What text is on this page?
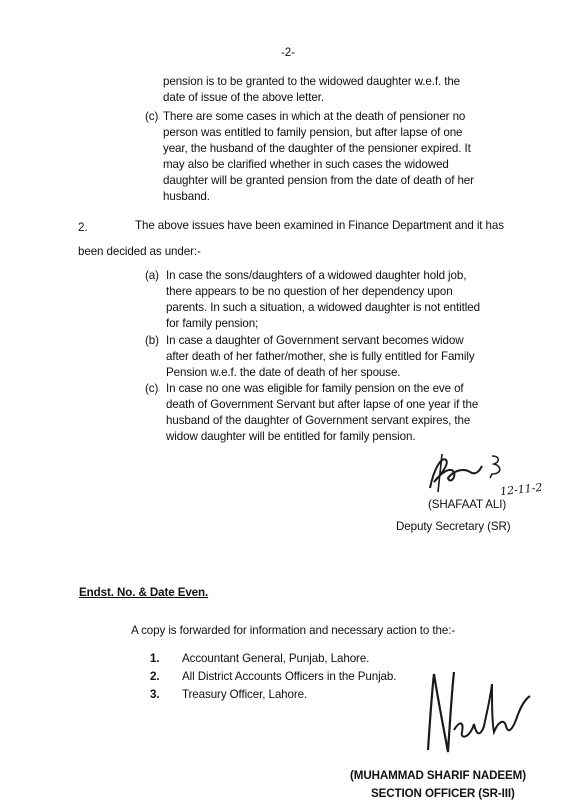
-2-
pension is to be granted to the widowed daughter w.e.f. the
date of issue of the above letter.
(c) There are some cases in which at the death of pensioner no
person was entitled to family pension, but after lapse of one
year, the husband of the daughter of the pensioner expired. It
may also be clarified whether in such cases the widowed
daughter will be granted pension from the date of death of her
husband.
2.	The above issues have been examined in Finance Department and it has
been decided as under:-
(a) In case the sons/daughters of a widowed daughter hold job,
there appears to be no question of her dependency upon
parents. In such a situation, a widowed daughter is not entitled
for family pension;
(b) In case a daughter of Government servant becomes widow
after death of her father/mother, she is fully entitled for Family
Pension w.e.f. the date of death of her spouse.
(c) In case no one was eligible for family pension on the eve of
death of Government Servant but after lapse of one year if the
husband of the daughter of Government servant expires, the
widow daughter will be entitled for family pension.
12-11-2
(SHAFAAT ALI)
Deputy Secretary (SR)
Endst. No. & Date Even.
A copy is forwarded for information and necessary action to the:-
1. Accountant General, Punjab, Lahore.
2. All District Accounts Officers in the Punjab.
3. Treasury Officer, Lahore.
Nnadeem
(MUHAMMAD SHARIF NADEEM)
SECTION OFFICER (SR-III)
